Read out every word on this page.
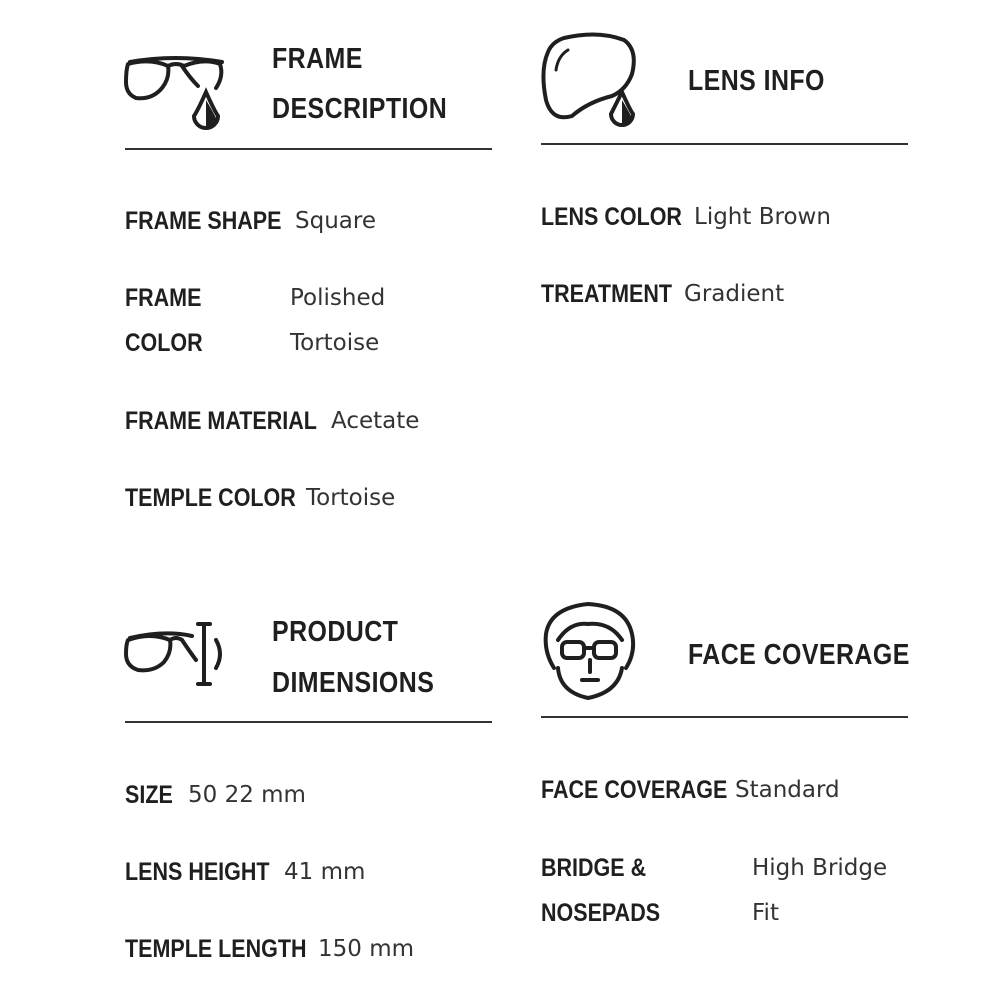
FRAME
DESCRIPTION
FRAME SHAPE Square
FRAME
COLOR
Polished
Tortoise
FRAME MATERIAL Acetate
TEMPLE COLOR Tortoise
LENS INFO
LENS COLOR Light Brown
TREATMENT Gradient
PRODUCT
DIMENSIONS
SIZE 50 22 mm
LENS HEIGHT 41 mm
TEMPLE LENGTH 150 mm
FACE COVERAGE
FACE COVERAGE Standard
BRIDGE &
NOSEPADS
High Bridge
Fit
